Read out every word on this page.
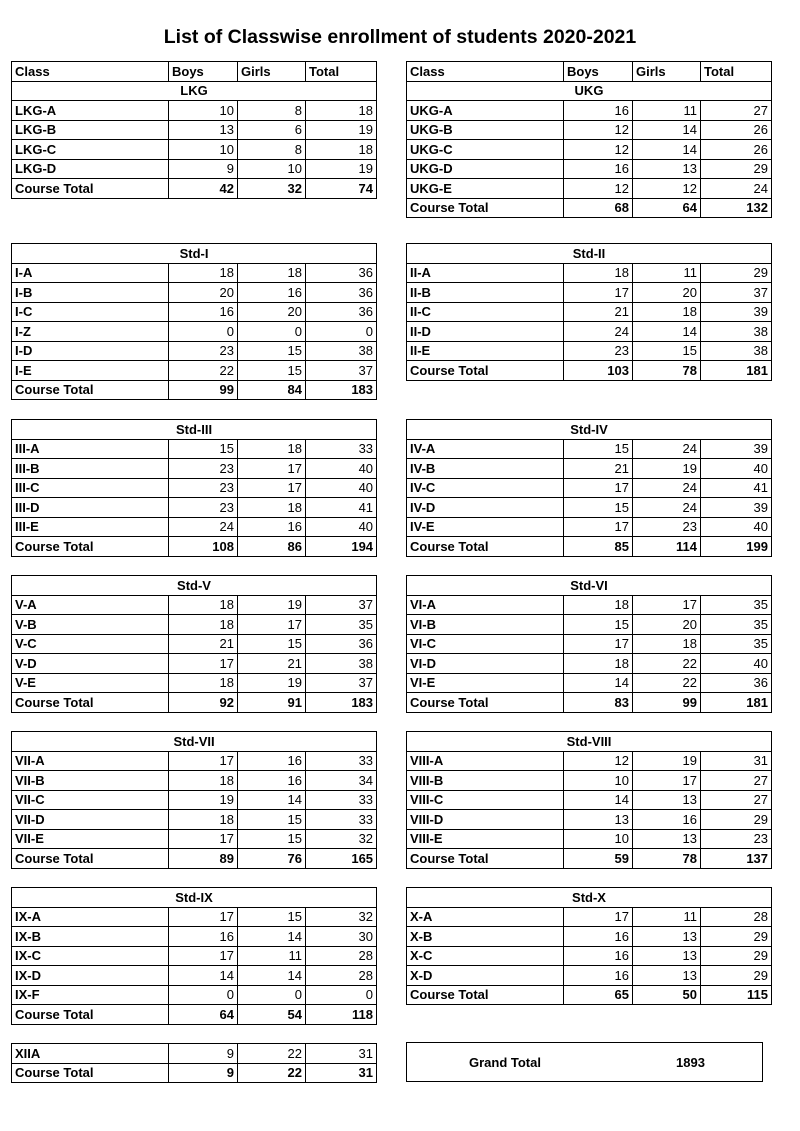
List of Classwise enrollment of students 2020-2021
Class	Boys	Girls	Total
LKG			
LKG-A	10	8	18
LKG-B	13	6	19
LKG-C	10	8	18
LKG-D	9	10	19
Course Total	42	32	74
Class	Boys	Girls	Total
UKG			
UKG-A	16	11	27
UKG-B	12	14	26
UKG-C	12	14	26
UKG-D	16	13	29
UKG-E	12	12	24
Course Total	68	64	132
Std-I			
I-A	18	18	36
I-B	20	16	36
I-C	16	20	36
I-Z	0	0	0
I-D	23	15	38
I-E	22	15	37
Course Total	99	84	183
Std-II			
II-A	18	11	29
II-B	17	20	37
II-C	21	18	39
II-D	24	14	38
II-E	23	15	38
Course Total	103	78	181
Std-III			
III-A	15	18	33
III-B	23	17	40
III-C	23	17	40
III-D	23	18	41
III-E	24	16	40
Course Total	108	86	194
Std-IV			
IV-A	15	24	39
IV-B	21	19	40
IV-C	17	24	41
IV-D	15	24	39
IV-E	17	23	40
Course Total	85	114	199
Std-V			
V-A	18	19	37
V-B	18	17	35
V-C	21	15	36
V-D	17	21	38
V-E	18	19	37
Course Total	92	91	183
Std-VI			
VI-A	18	17	35
VI-B	15	20	35
VI-C	17	18	35
VI-D	18	22	40
VI-E	14	22	36
Course Total	83	99	181
Std-VII			
VII-A	17	16	33
VII-B	18	16	34
VII-C	19	14	33
VII-D	18	15	33
VII-E	17	15	32
Course Total	89	76	165
Std-VIII			
VIII-A	12	19	31
VIII-B	10	17	27
VIII-C	14	13	27
VIII-D	13	16	29
VIII-E	10	13	23
Course Total	59	78	137
Std-IX			
IX-A	17	15	32
IX-B	16	14	30
IX-C	17	11	28
IX-D	14	14	28
IX-F	0	0	0
Course Total	64	54	118
Std-X			
X-A	17	11	28
X-B	16	13	29
X-C	16	13	29
X-D	16	13	29
Course Total	65	50	115
XIIA	9	22	31
Course Total	9	22	31
Grand Total	1893
